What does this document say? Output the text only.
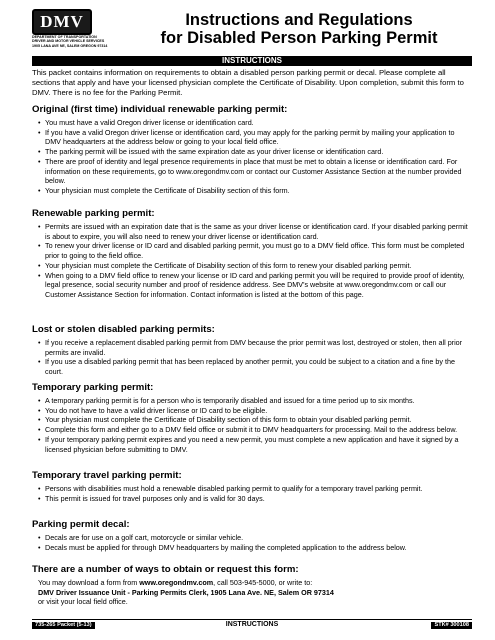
DMV
DEPARTMENT OF TRANSPORTATION
DRIVER AND MOTOR VEHICLE SERVICES
1905 LANA AVE NE, SALEM OREGON 97314
Instructions and Regulations
for Disabled Person Parking Permit
INSTRUCTIONS
This packet contains information on requirements to obtain a disabled person parking permit or decal. Please complete all sections that apply and have your licensed physician complete the Certificate of Disability. Upon completion, submit this form to DMV. There is no fee for the Parking Permit.
Original (first time) individual renewable parking permit:
• You must have a valid Oregon driver license or identification card.
• If you have a valid Oregon driver license or identification card, you may apply for the parking permit by mailing your application to DMV headquarters at the address below or going to your local field office.
• The parking permit will be issued with the same expiration date as your driver license or identification card.
• There are proof of identity and legal presence requirements in place that must be met to obtain a license or identification card. For information on these requirements, go to www.oregondmv.com or contact our Customer Assistance Section at the number provided below.
• Your physician must complete the Certificate of Disability section of this form.
Renewable parking permit:
• Permits are issued with an expiration date that is the same as your driver license or identification card. If your disabled parking permit is about to expire, you will also need to renew your driver license or identification card.
• To renew your driver license or ID card and disabled parking permit, you must go to a DMV field office. This form must be completed prior to going to the field office.
• Your physician must complete the Certificate of Disability section of this form to renew your disabled parking permit.
• When going to a DMV field office to renew your license or ID card and parking permit you will be required to provide proof of identity, legal presence, social security number and proof of residence address. See DMV's website at www.oregondmv.com or call our Customer Assistance Section for information. Contact information is listed at the bottom of this page.
Lost or stolen disabled parking permits:
• If you receive a replacement disabled parking permit from DMV because the prior permit was lost, destroyed or stolen, then all prior permits are invalid.
• If you use a disabled parking permit that has been replaced by another permit, you could be subject to a citation and a fine by the court.
Temporary parking permit:
• A temporary parking permit is for a person who is temporarily disabled and issued for a time period up to six months.
• You do not have to have a valid driver license or ID card to be eligible.
• Your physician must complete the Certificate of Disability section of this form to obtain your disabled parking permit.
• Complete this form and either go to a DMV field office or submit it to DMV headquarters for processing. Mail to the address below.
• If your temporary parking permit expires and you need a new permit, you must complete a new application and have it signed by a licensed physician before submitting to DMV.
Temporary travel parking permit:
• Persons with disabilities must hold a renewable disabled parking permit to qualify for a temporary travel parking permit.
• This permit is issued for travel purposes only and is valid for 30 days.
Parking permit decal:
• Decals are for use on a golf cart, motorcycle or similar vehicle.
• Decals must be applied for through DMV headquarters by mailing the completed application to the address below.
There are a number of ways to obtain or request this form:
You may download a form from www.oregondmv.com, call 503-945-5000, or write to:
DMV Driver Issuance Unit - Parking Permits Clerk, 1905 Lana Ave. NE, Salem OR 97314
or visit your local field office.
INSTRUCTIONS
735-265 Packet (5-13)	STK# 300108
